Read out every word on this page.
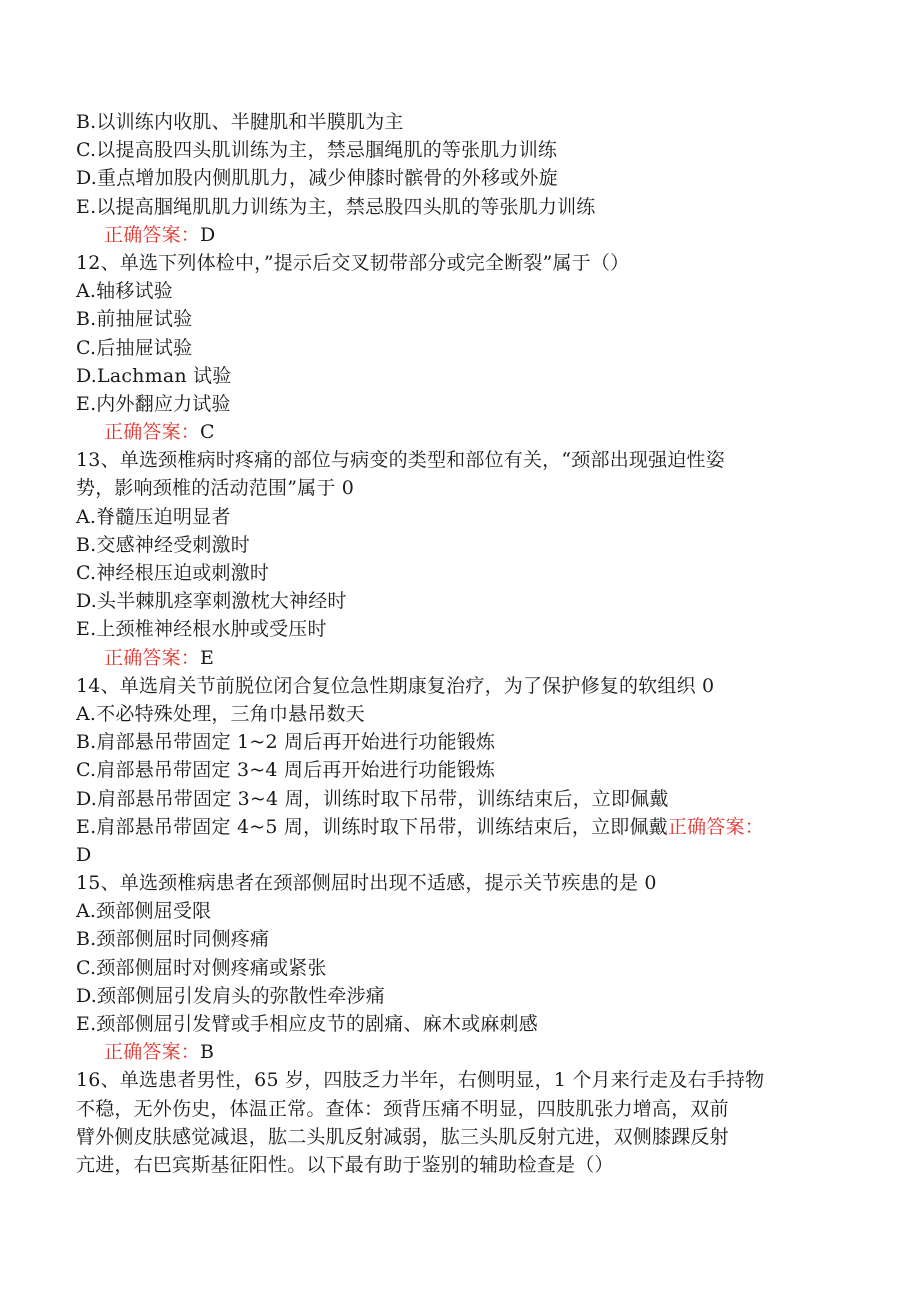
B.以训练内收肌、半腱肌和半膜肌为主
C.以提高股四头肌训练为主，禁忌腘绳肌的等张肌力训练
D.重点增加股内侧肌肌力，减少伸膝时髌骨的外移或外旋
E.以提高腘绳肌肌力训练为主，禁忌股四头肌的等张肌力训练
正确答案：D
12、单选下列体检中，”提示后交叉韧带部分或完全断裂”属于（）
A.轴移试验
B.前抽屉试验
C.后抽屉试验
D.Lachman 试验
E.内外翻应力试验
正确答案：C
13、单选颈椎病时疼痛的部位与病变的类型和部位有关，“颈部出现强迫性姿
势，影响颈椎的活动范围”属于 0
A.脊髓压迫明显者
B.交感神经受刺激时
C.神经根压迫或刺激时
D.头半棘肌痉挛刺激枕大神经时
E.上颈椎神经根水肿或受压时
正确答案：E
14、单选肩关节前脱位闭合复位急性期康复治疗，为了保护修复的软组织 0
A.不必特殊处理，三角巾悬吊数天
B.肩部悬吊带固定 1~2 周后再开始进行功能锻炼
C.肩部悬吊带固定 3~4 周后再开始进行功能锻炼
D.肩部悬吊带固定 3~4 周，训练时取下吊带，训练结束后，立即佩戴
E.肩部悬吊带固定 4~5 周，训练时取下吊带，训练结束后，立即佩戴正确答案：
D
15、单选颈椎病患者在颈部侧屈时出现不适感，提示关节疾患的是 0
A.颈部侧屈受限
B.颈部侧屈时同侧疼痛
C.颈部侧屈时对侧疼痛或紧张
D.颈部侧屈引发肩头的弥散性牵涉痛
E.颈部侧屈引发臂或手相应皮节的剧痛、麻木或麻刺感
正确答案：B
16、单选患者男性，65 岁，四肢乏力半年，右侧明显，1 个月来行走及右手持物
不稳，无外伤史，体温正常。查体：颈背压痛不明显，四肢肌张力增高，双前
臂外侧皮肤感觉减退，肱二头肌反射减弱，肱三头肌反射亢进，双侧膝踝反射
亢进，右巴宾斯基征阳性。以下最有助于鉴别的辅助检查是（）
